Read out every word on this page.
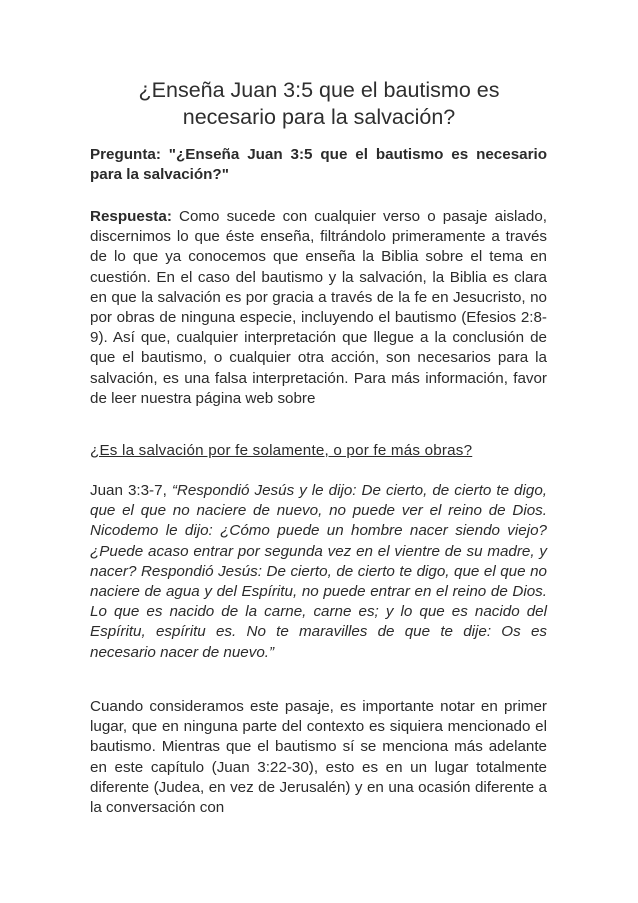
¿Enseña Juan 3:5 que el bautismo es necesario para la salvación?
Pregunta: "¿Enseña Juan 3:5 que el bautismo es necesario para la salvación?"
Respuesta: Como sucede con cualquier verso o pasaje aislado, discernimos lo que éste enseña, filtrándolo primeramente a través de lo que ya conocemos que enseña la Biblia sobre el tema en cuestión. En el caso del bautismo y la salvación, la Biblia es clara en que la salvación es por gracia a través de la fe en Jesucristo, no por obras de ninguna especie, incluyendo el bautismo (Efesios 2:8-9). Así que, cualquier interpretación que llegue a la conclusión de que el bautismo, o cualquier otra acción, son necesarios para la salvación, es una falsa interpretación. Para más información, favor de leer nuestra página web sobre
¿Es la salvación por fe solamente, o por fe más obras?
Juan 3:3-7, “Respondió Jesús y le dijo: De cierto, de cierto te digo, que el que no naciere de nuevo, no puede ver el reino de Dios. Nicodemo le dijo: ¿Cómo puede un hombre nacer siendo viejo? ¿Puede acaso entrar por segunda vez en el vientre de su madre, y nacer? Respondió Jesús: De cierto, de cierto te digo, que el que no naciere de agua y del Espíritu, no puede entrar en el reino de Dios. Lo que es nacido de la carne, carne es; y lo que es nacido del Espíritu, espíritu es. No te maravilles de que te dije: Os es necesario nacer de nuevo.”
Cuando consideramos este pasaje, es importante notar en primer lugar, que en ninguna parte del contexto es siquiera mencionado el bautismo. Mientras que el bautismo sí se menciona más adelante en este capítulo (Juan 3:22-30), esto es en un lugar totalmente diferente (Judea, en vez de Jerusalén) y en una ocasión diferente a la conversación con
